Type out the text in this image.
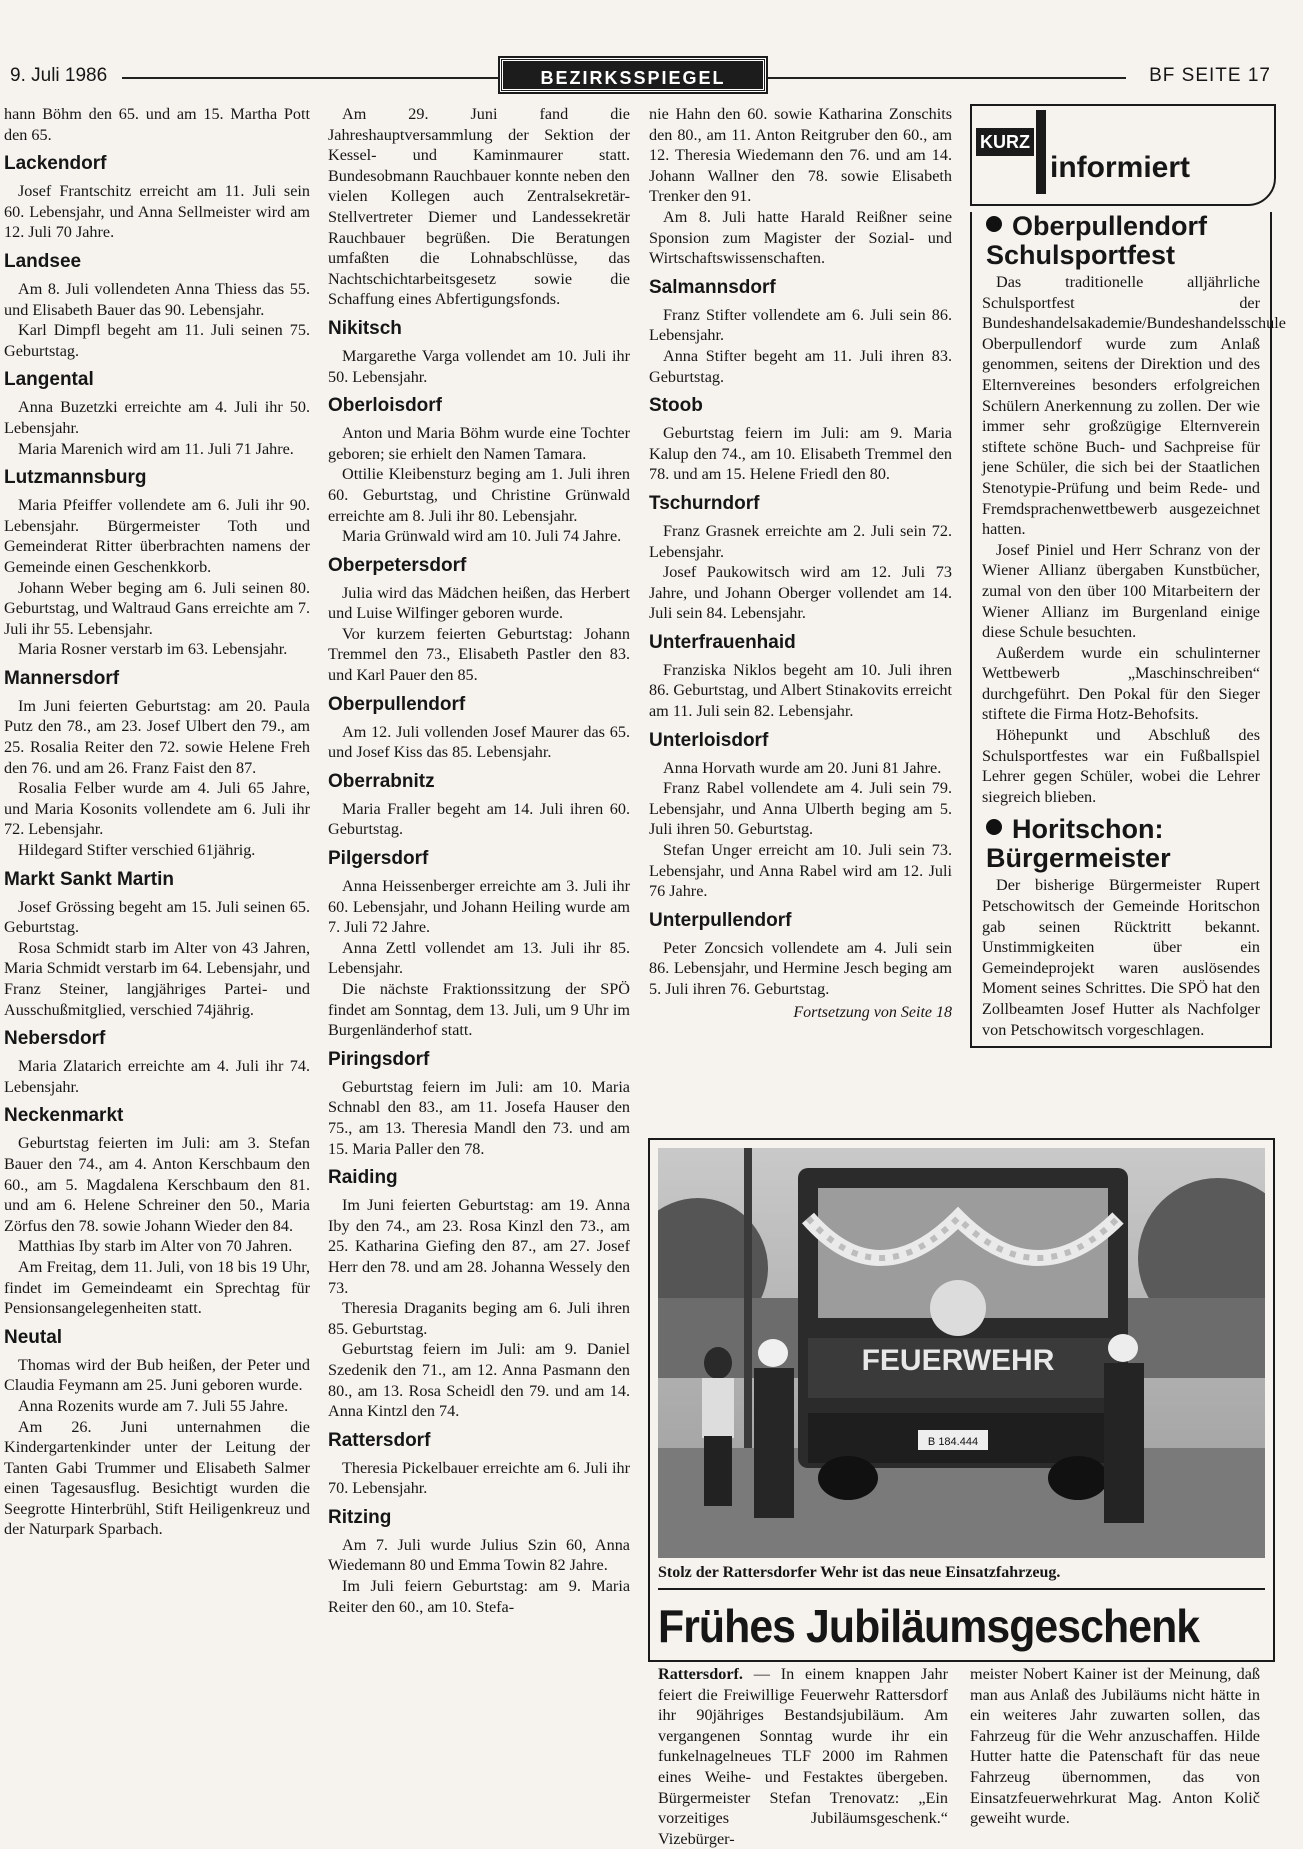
9. Juli 1986	BEZIRKSSPIEGEL	BF SEITE 17

hann Böhm den 65. und am 15. Martha Pott den 65.

Lackendorf

Josef Frantschitz erreicht am 11. Juli sein 60. Lebensjahr, und Anna Sellmeister wird am 12. Juli 70 Jahre.

Landsee

Am 8. Juli vollendeten Anna Thiess das 55. und Elisabeth Bauer das 90. Lebensjahr.

Karl Dimpfl begeht am 11. Juli seinen 75. Geburtstag.

Langental

Anna Buzetzki erreichte am 4. Juli ihr 50. Lebensjahr.

Maria Marenich wird am 11. Juli 71 Jahre.

Lutzmannsburg

Maria Pfeiffer vollendete am 6. Juli ihr 90. Lebensjahr. Bürgermeister Toth und Gemeinderat Ritter überbrachten namens der Gemeinde einen Geschenkkorb.

Johann Weber beging am 6. Juli seinen 80. Geburtstag, und Waltraud Gans erreichte am 7. Juli ihr 55. Lebensjahr.

Maria Rosner verstarb im 63. Lebensjahr.

Mannersdorf

Im Juni feierten Geburtstag: am 20. Paula Putz den 78., am 23. Josef Ulbert den 79., am 25. Rosalia Reiter den 72. sowie Helene Freh den 76. und am 26. Franz Faist den 87.

Rosalia Felber wurde am 4. Juli 65 Jahre, und Maria Kosonits vollendete am 6. Juli ihr 72. Lebensjahr.

Hildegard Stifter verschied 61jährig.

Markt Sankt Martin

Josef Grössing begeht am 15. Juli seinen 65. Geburtstag.

Rosa Schmidt starb im Alter von 43 Jahren, Maria Schmidt verstarb im 64. Lebensjahr, und Franz Steiner, langjähriges Partei- und Ausschußmitglied, verschied 74jährig.

Nebersdorf

Maria Zlatarich erreichte am 4. Juli ihr 74. Lebensjahr.

Neckenmarkt

Geburtstag feierten im Juli: am 3. Stefan Bauer den 74., am 4. Anton Kerschbaum den 60., am 5. Magdalena Kerschbaum den 81. und am 6. Helene Schreiner den 50., Maria Zörfus den 78. sowie Johann Wieder den 84.

Matthias Iby starb im Alter von 70 Jahren.

Am Freitag, dem 11. Juli, von 18 bis 19 Uhr, findet im Gemeindeamt ein Sprechtag für Pensionsangelegenheiten statt.

Neutal

Thomas wird der Bub heißen, der Peter und Claudia Feymann am 25. Juni geboren wurde.

Anna Rozenits wurde am 7. Juli 55 Jahre.

Am 26. Juni unternahmen die Kindergartenkinder unter der Leitung der Tanten Gabi Trummer und Elisabeth Salmer einen Tagesausflug. Besichtigt wurden die Seegrotte Hinterbrühl, Stift Heiligenkreuz und der Naturpark Sparbach.

Am 29. Juni fand die Jahreshauptversammlung der Sektion der Kessel- und Kaminmaurer statt. Bundesobmann Rauchbauer konnte neben den vielen Kollegen auch Zentralsekretär-Stellvertreter Diemer und Landessekretär Rauchbauer begrüßen. Die Beratungen umfaßten die Lohnabschlüsse, das Nachtschichtarbeitsgesetz sowie die Schaffung eines Abfertigungsfonds.

Nikitsch

Margarethe Varga vollendet am 10. Juli ihr 50. Lebensjahr.

Oberloisdorf

Anton und Maria Böhm wurde eine Tochter geboren; sie erhielt den Namen Tamara.

Ottilie Kleibensturz beging am 1. Juli ihren 60. Geburtstag, und Christine Grünwald erreichte am 8. Juli ihr 80. Lebensjahr.

Maria Grünwald wird am 10. Juli 74 Jahre.

Oberpetersdorf

Julia wird das Mädchen heißen, das Herbert und Luise Wilfinger geboren wurde.

Vor kurzem feierten Geburtstag: Johann Tremmel den 73., Elisabeth Pastler den 83. und Karl Pauer den 85.

Oberpullendorf

Am 12. Juli vollenden Josef Maurer das 65. und Josef Kiss das 85. Lebensjahr.

Oberrabnitz

Maria Fraller begeht am 14. Juli ihren 60. Geburtstag.

Pilgersdorf

Anna Heissenberger erreichte am 3. Juli ihr 60. Lebensjahr, und Johann Heiling wurde am 7. Juli 72 Jahre.

Anna Zettl vollendet am 13. Juli ihr 85. Lebensjahr.

Die nächste Fraktionssitzung der SPÖ findet am Sonntag, dem 13. Juli, um 9 Uhr im Burgenländerhof statt.

Piringsdorf

Geburtstag feiern im Juli: am 10. Maria Schnabl den 83., am 11. Josefa Hauser den 75., am 13. Theresia Mandl den 73. und am 15. Maria Paller den 78.

Raiding

Im Juni feierten Geburtstag: am 19. Anna Iby den 74., am 23. Rosa Kinzl den 73., am 25. Katharina Giefing den 87., am 27. Josef Herr den 78. und am 28. Johanna Wessely den 73.

Theresia Draganits beging am 6. Juli ihren 85. Geburtstag.

Geburtstag feiern im Juli: am 9. Daniel Szedenik den 71., am 12. Anna Pasmann den 80., am 13. Rosa Scheidl den 79. und am 14. Anna Kintzl den 74.

Rattersdorf

Theresia Pickelbauer erreichte am 6. Juli ihr 70. Lebensjahr.

Ritzing

Am 7. Juli wurde Julius Szin 60, Anna Wiedemann 80 und Emma Towin 82 Jahre.

Im Juli feiern Geburtstag: am 9. Maria Reiter den 60., am 10. Stefa-

nie Hahn den 60. sowie Katharina Zonschits den 80., am 11. Anton Reitgruber den 60., am 12. Theresia Wiedemann den 76. und am 14. Johann Wallner den 78. sowie Elisabeth Trenker den 91.

Am 8. Juli hatte Harald Reißner seine Sponsion zum Magister der Sozial- und Wirtschaftswissenschaften.

Salmannsdorf

Franz Stifter vollendete am 6. Juli sein 86. Lebensjahr.

Anna Stifter begeht am 11. Juli ihren 83. Geburtstag.

Stoob

Geburtstag feiern im Juli: am 9. Maria Kalup den 74., am 10. Elisabeth Tremmel den 78. und am 15. Helene Friedl den 80.

Tschurndorf

Franz Grasnek erreichte am 2. Juli sein 72. Lebensjahr.

Josef Paukowitsch wird am 12. Juli 73 Jahre, und Johann Oberger vollendet am 14. Juli sein 84. Lebensjahr.

Unterfrauenhaid

Franziska Niklos begeht am 10. Juli ihren 86. Geburtstag, und Albert Stinakovits erreicht am 11. Juli sein 82. Lebensjahr.

Unterloisdorf

Anna Horvath wurde am 20. Juni 81 Jahre.

Franz Rabel vollendete am 4. Juli sein 79. Lebensjahr, und Anna Ulberth beging am 5. Juli ihren 50. Geburtstag.

Stefan Unger erreicht am 10. Juli sein 73. Lebensjahr, und Anna Rabel wird am 12. Juli 76 Jahre.

Unterpullendorf

Peter Zoncsich vollendete am 4. Juli sein 86. Lebensjahr, und Hermine Jesch beging am 5. Juli ihren 76. Geburtstag.

Fortsetzung von Seite 18
KURZ
informiert
Oberpullendorf Schulsportfest

Das traditionelle alljährliche Schulsportfest der Bundeshandelsakademie/Bundeshandelsschule Oberpullendorf wurde zum Anlaß genommen, seitens der Direktion und des Elternvereines besonders erfolgreichen Schülern Anerkennung zu zollen. Der wie immer sehr großzügige Elternverein stiftete schöne Buch- und Sachpreise für jene Schüler, die sich bei der Staatlichen Stenotypie-Prüfung und beim Rede- und Fremdsprachenwettbewerb ausgezeichnet hatten.

Josef Piniel und Herr Schranz von der Wiener Allianz übergaben Kunstbücher, zumal von den über 100 Mitarbeitern der Wiener Allianz im Burgenland einige diese Schule besuchten.

Außerdem wurde ein schulinterner Wettbewerb „Maschinschreiben“ durchgeführt. Den Pokal für den Sieger stiftete die Firma Hotz-Behofsits.

Höhepunkt und Abschluß des Schulsportfestes war ein Fußballspiel Lehrer gegen Schüler, wobei die Lehrer siegreich blieben.

Horitschon: Bürgermeister

Der bisherige Bürgermeister Rupert Petschowitsch der Gemeinde Horitschon gab seinen Rücktritt bekannt. Unstimmigkeiten über ein Gemeindeprojekt waren auslösendes Moment seines Schrittes. Die SPÖ hat den Zollbeamten Josef Hutter als Nachfolger von Petschowitsch vorgeschlagen.

FEUERWEHR
B 184.444
Stolz der Rattersdorfer Wehr ist das neue Einsatzfahrzeug.
Frühes Jubiläumsgeschenk

Rattersdorf. — In einem knappen Jahr feiert die Freiwillige Feuerwehr Rattersdorf ihr 90jähriges Bestandsjubiläum. Am vergangenen Sonntag wurde ihr ein funkelnagelneues TLF 2000 im Rahmen eines Weihe- und Festaktes übergeben. Bürgermeister Stefan Trenovatz: „Ein vorzeitiges Jubiläumsgeschenk.“ Vizebürger-

meister Nobert Kainer ist der Meinung, daß man aus Anlaß des Jubiläums nicht hätte in ein weiteres Jahr zuwarten sollen, das Fahrzeug für die Wehr anzuschaffen. Hilde Hutter hatte die Patenschaft für das neue Fahrzeug übernommen, das von Einsatzfeuerwehrkurat Mag. Anton Količ geweiht wurde.
